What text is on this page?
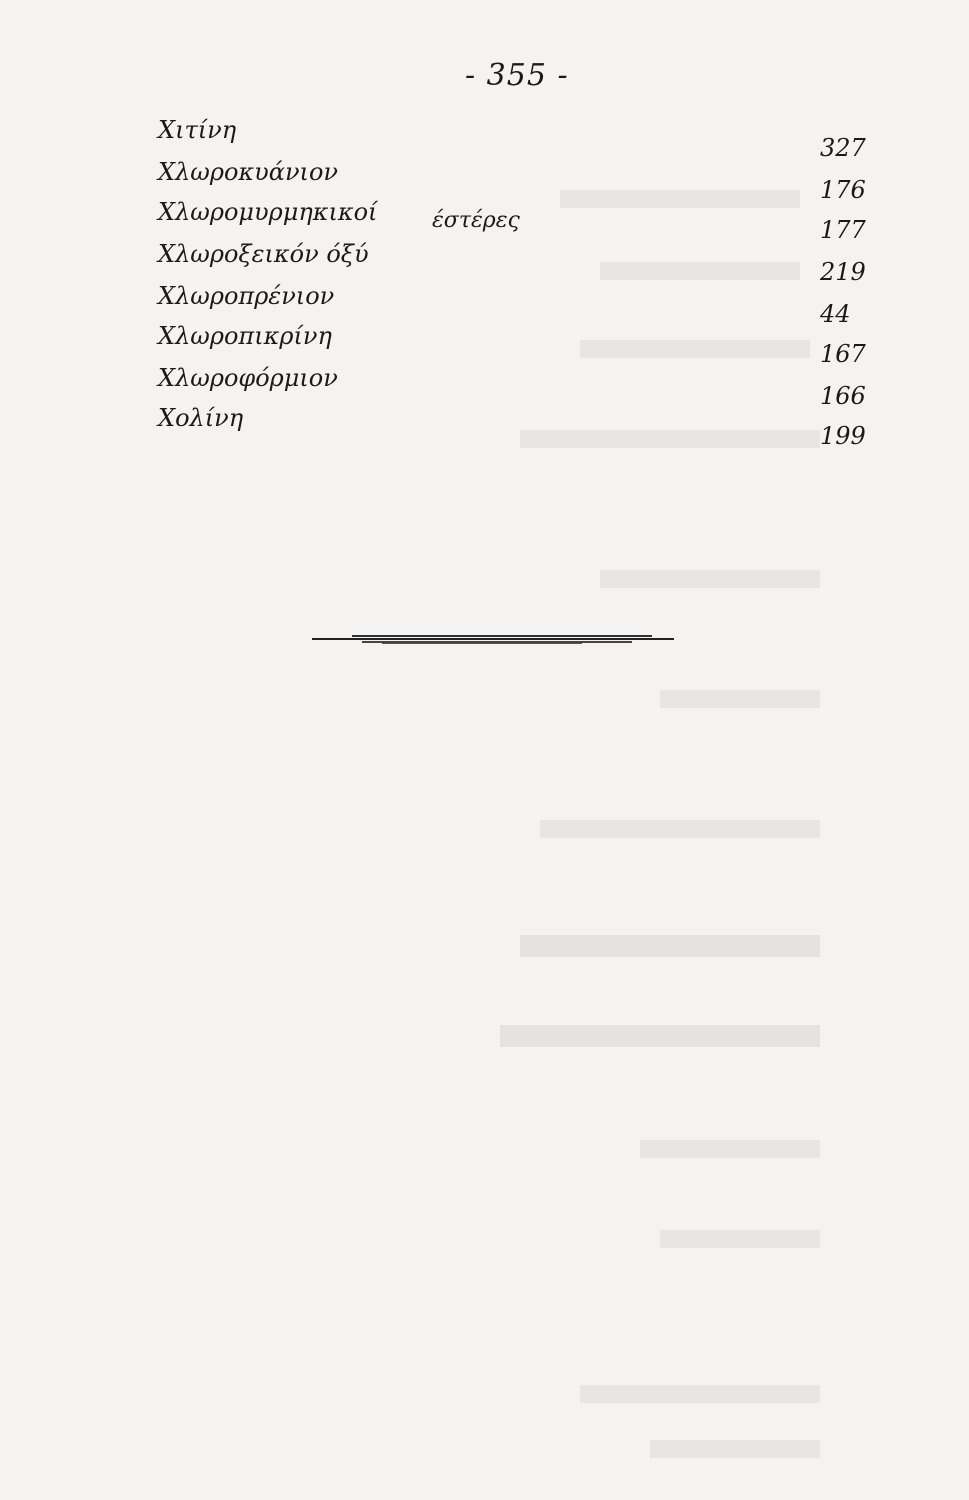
- 355 -
Χιτίνη
327
Χλωροκυάνιον
176
Χλωρομυρμηκικοί έστέρες	177
Χλωροξεικόν όξύ
219
Χλωροπρένιον
44
Χλωροπικρίνη
167
Χλωροφόρμιον
166
Χολίνη
199
